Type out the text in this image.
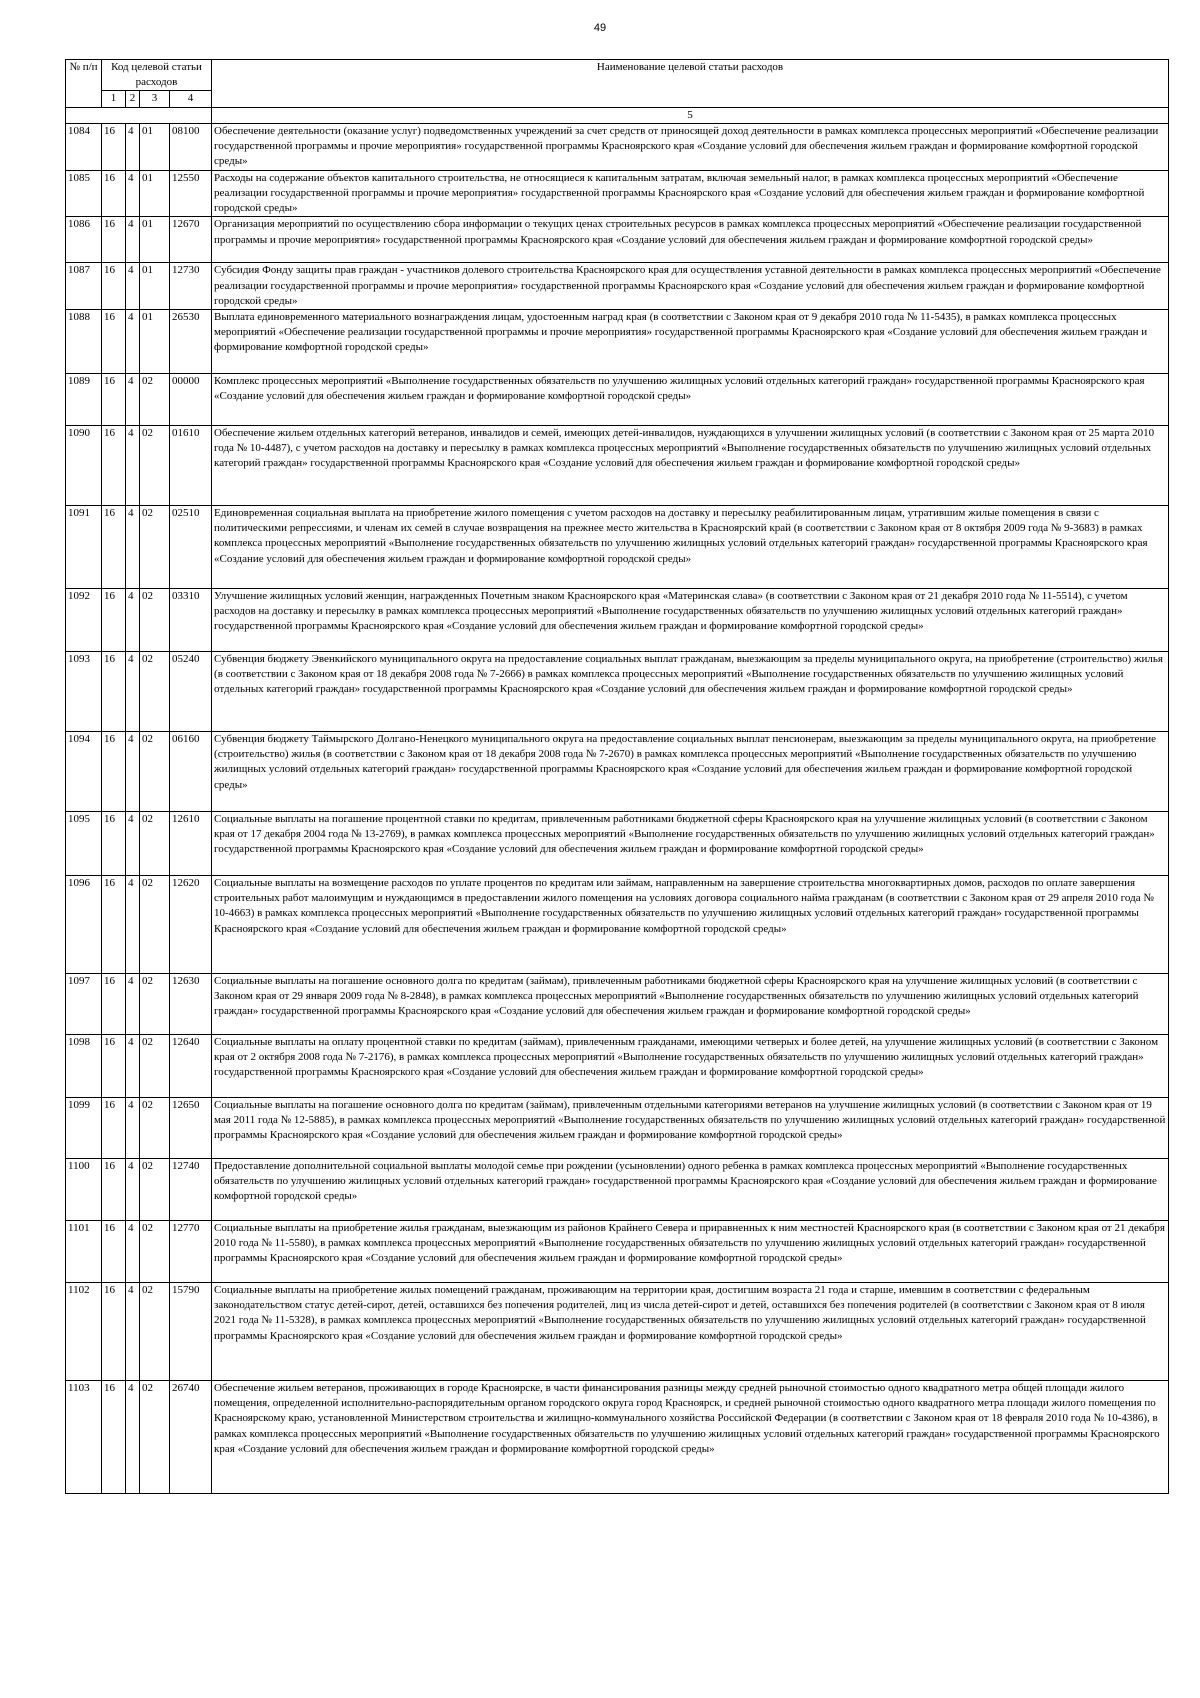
49
№ п/п	Код целевой статьи расходов				Наименование целевой статьи расходов
	1	2	3	4	
					5
1084	16	4	01	08100	Обеспечение деятельности (оказание услуг) подведомственных учреждений за счет средств от приносящей доход деятельности в рамках комплекса процессных мероприятий «Обеспечение реализации государственной программы и прочие мероприятия» государственной программы Красноярского края «Создание условий для обеспечения жильем граждан и формирование комфортной городской среды»
1085	16	4	01	12550	Расходы на содержание объектов капитального строительства, не относящиеся к капитальным затратам, включая земельный налог, в рамках комплекса процессных мероприятий «Обеспечение реализации государственной программы и прочие мероприятия» государственной программы Красноярского края «Создание условий для обеспечения жильем граждан и формирование комфортной городской среды»
1086	16	4	01	12670	Организация мероприятий по осуществлению сбора информации о текущих ценах строительных ресурсов в рамках комплекса процессных мероприятий «Обеспечение реализации государственной программы и прочие мероприятия» государственной программы Красноярского края «Создание условий для обеспечения жильем граждан и формирование комфортной городской среды»
1087	16	4	01	12730	Субсидия Фонду защиты прав граждан - участников долевого строительства Красноярского края для осуществления уставной деятельности в рамках комплекса процессных мероприятий «Обеспечение реализации государственной программы и прочие мероприятия» государственной программы Красноярского края «Создание условий для обеспечения жильем граждан и формирование комфортной городской среды»
1088	16	4	01	26530	Выплата единовременного материального вознаграждения лицам, удостоенным наград края (в соответствии с Законом края от 9 декабря 2010 года № 11-5435), в рамках комплекса процессных мероприятий «Обеспечение реализации государственной программы и прочие мероприятия» государственной программы Красноярского края «Создание условий для обеспечения жильем граждан и формирование комфортной городской среды»
1089	16	4	02	00000	Комплекс процессных мероприятий «Выполнение государственных обязательств по улучшению жилищных условий отдельных категорий граждан» государственной программы Красноярского края «Создание условий для обеспечения жильем граждан и формирование комфортной городской среды»
1090	16	4	02	01610	Обеспечение жильем отдельных категорий ветеранов, инвалидов и семей, имеющих детей-инвалидов, нуждающихся в улучшении жилищных условий (в соответствии с Законом края от 25 марта 2010 года № 10-4487), с учетом расходов на доставку и пересылку в рамках комплекса процессных мероприятий «Выполнение государственных обязательств по улучшению жилищных условий отдельных категорий граждан» государственной программы Красноярского края «Создание условий для обеспечения жильем граждан и формирование комфортной городской среды»
1091	16	4	02	02510	Единовременная социальная выплата на приобретение жилого помещения с учетом расходов на доставку и пересылку реабилитированным лицам, утратившим жилые помещения в связи с политическими репрессиями, и членам их семей в случае возвращения на прежнее место жительства в Красноярский край (в соответствии с Законом края от 8 октября 2009 года № 9-3683) в рамках комплекса процессных мероприятий «Выполнение государственных обязательств по улучшению жилищных условий отдельных категорий граждан» государственной программы Красноярского края «Создание условий для обеспечения жильем граждан и формирование комфортной городской среды»
1092	16	4	02	03310	Улучшение жилищных условий женщин, награжденных Почетным знаком Красноярского края «Материнская слава» (в соответствии с Законом края от 21 декабря 2010 года № 11-5514), с учетом расходов на доставку и пересылку в рамках комплекса процессных мероприятий «Выполнение государственных обязательств по улучшению жилищных условий отдельных категорий граждан» государственной программы Красноярского края «Создание условий для обеспечения жильем граждан и формирование комфортной городской среды»
1093	16	4	02	05240	Субвенция бюджету Эвенкийского муниципального округа на предоставление социальных выплат гражданам, выезжающим за пределы муниципального округа, на приобретение (строительство) жилья (в соответствии с Законом края от 18 декабря 2008 года № 7-2666) в рамках комплекса процессных мероприятий «Выполнение государственных обязательств по улучшению жилищных условий отдельных категорий граждан» государственной программы Красноярского края «Создание условий для обеспечения жильем граждан и формирование комфортной городской среды»
1094	16	4	02	06160	Субвенция бюджету Таймырского Долгано-Ненецкого муниципального округа на предоставление социальных выплат пенсионерам, выезжающим за пределы муниципального округа, на приобретение (строительство) жилья (в соответствии с Законом края от 18 декабря 2008 года № 7-2670) в рамках комплекса процессных мероприятий «Выполнение государственных обязательств по улучшению жилищных условий отдельных категорий граждан» государственной программы Красноярского края «Создание условий для обеспечения жильем граждан и формирование комфортной городской среды»
1095	16	4	02	12610	Социальные выплаты на погашение процентной ставки по кредитам, привлеченным работниками бюджетной сферы Красноярского края на улучшение жилищных условий (в соответствии с Законом края от 17 декабря 2004 года № 13-2769), в рамках комплекса процессных мероприятий «Выполнение государственных обязательств по улучшению жилищных условий отдельных категорий граждан» государственной программы Красноярского края «Создание условий для обеспечения жильем граждан и формирование комфортной городской среды»
1096	16	4	02	12620	Социальные выплаты на возмещение расходов по уплате процентов по кредитам или займам, направленным на завершение строительства многоквартирных домов, расходов по оплате завершения строительных работ малоимущим и нуждающимся в предоставлении жилого помещения на условиях договора социального найма гражданам (в соответствии с Законом края от 29 апреля 2010 года № 10-4663) в рамках комплекса процессных мероприятий «Выполнение государственных обязательств по улучшению жилищных условий отдельных категорий граждан» государственной программы Красноярского края «Создание условий для обеспечения жильем граждан и формирование комфортной городской среды»
1097	16	4	02	12630	Социальные выплаты на погашение основного долга по кредитам (займам), привлеченным работниками бюджетной сферы Красноярского края на улучшение жилищных условий (в соответствии с Законом края от 29 января 2009 года № 8-2848), в рамках комплекса процессных мероприятий «Выполнение государственных обязательств по улучшению жилищных условий отдельных категорий граждан» государственной программы Красноярского края «Создание условий для обеспечения жильем граждан и формирование комфортной городской среды»
1098	16	4	02	12640	Социальные выплаты на оплату процентной ставки по кредитам (займам), привлеченным гражданами, имеющими четверых и более детей, на улучшение жилищных условий (в соответствии с Законом края от 2 октября 2008 года № 7-2176), в рамках комплекса процессных мероприятий «Выполнение государственных обязательств по улучшению жилищных условий отдельных категорий граждан» государственной программы Красноярского края «Создание условий для обеспечения жильем граждан и формирование комфортной городской среды»
1099	16	4	02	12650	Социальные выплаты на погашение основного долга по кредитам (займам), привлеченным отдельными категориями ветеранов на улучшение жилищных условий (в соответствии с Законом края от 19 мая 2011 года № 12-5885), в рамках комплекса процессных мероприятий «Выполнение государственных обязательств по улучшению жилищных условий отдельных категорий граждан» государственной программы Красноярского края «Создание условий для обеспечения жильем граждан и формирование комфортной городской среды»
1100	16	4	02	12740	Предоставление дополнительной социальной выплаты молодой семье при рождении (усыновлении) одного ребенка в рамках комплекса процессных мероприятий «Выполнение государственных обязательств по улучшению жилищных условий отдельных категорий граждан» государственной программы Красноярского края «Создание условий для обеспечения жильем граждан и формирование комфортной городской среды»
1101	16	4	02	12770	Социальные выплаты на приобретение жилья гражданам, выезжающим из районов Крайнего Севера и приравненных к ним местностей Красноярского края (в соответствии с Законом края от 21 декабря 2010 года № 11-5580), в рамках комплекса процессных мероприятий «Выполнение государственных обязательств по улучшению жилищных условий отдельных категорий граждан» государственной программы Красноярского края «Создание условий для обеспечения жильем граждан и формирование комфортной городской среды»
1102	16	4	02	15790	Социальные выплаты на приобретение жилых помещений гражданам, проживающим на территории края, достигшим возраста 21 года и старше, имевшим в соответствии с федеральным законодательством статус детей-сирот, детей, оставшихся без попечения родителей, лиц из числа детей-сирот и детей, оставшихся без попечения родителей (в соответствии с Законом края от 8 июля 2021 года № 11-5328), в рамках комплекса процессных мероприятий «Выполнение государственных обязательств по улучшению жилищных условий отдельных категорий граждан» государственной программы Красноярского края «Создание условий для обеспечения жильем граждан и формирование комфортной городской среды»
1103	16	4	02	26740	Обеспечение жильем ветеранов, проживающих в городе Красноярске, в части финансирования разницы между средней рыночной стоимостью одного квадратного метра общей площади жилого помещения, определенной исполнительно-распорядительным органом городского округа город Красноярск, и средней рыночной стоимостью одного квадратного метра площади жилого помещения по Красноярскому краю, установленной Министерством строительства и жилищно-коммунального хозяйства Российской Федерации (в соответствии с Законом края от 18 февраля 2010 года № 10-4386), в рамках комплекса процессных мероприятий «Выполнение государственных обязательств по улучшению жилищных условий отдельных категорий граждан» государственной программы Красноярского края «Создание условий для обеспечения жильем граждан и формирование комфортной городской среды»
